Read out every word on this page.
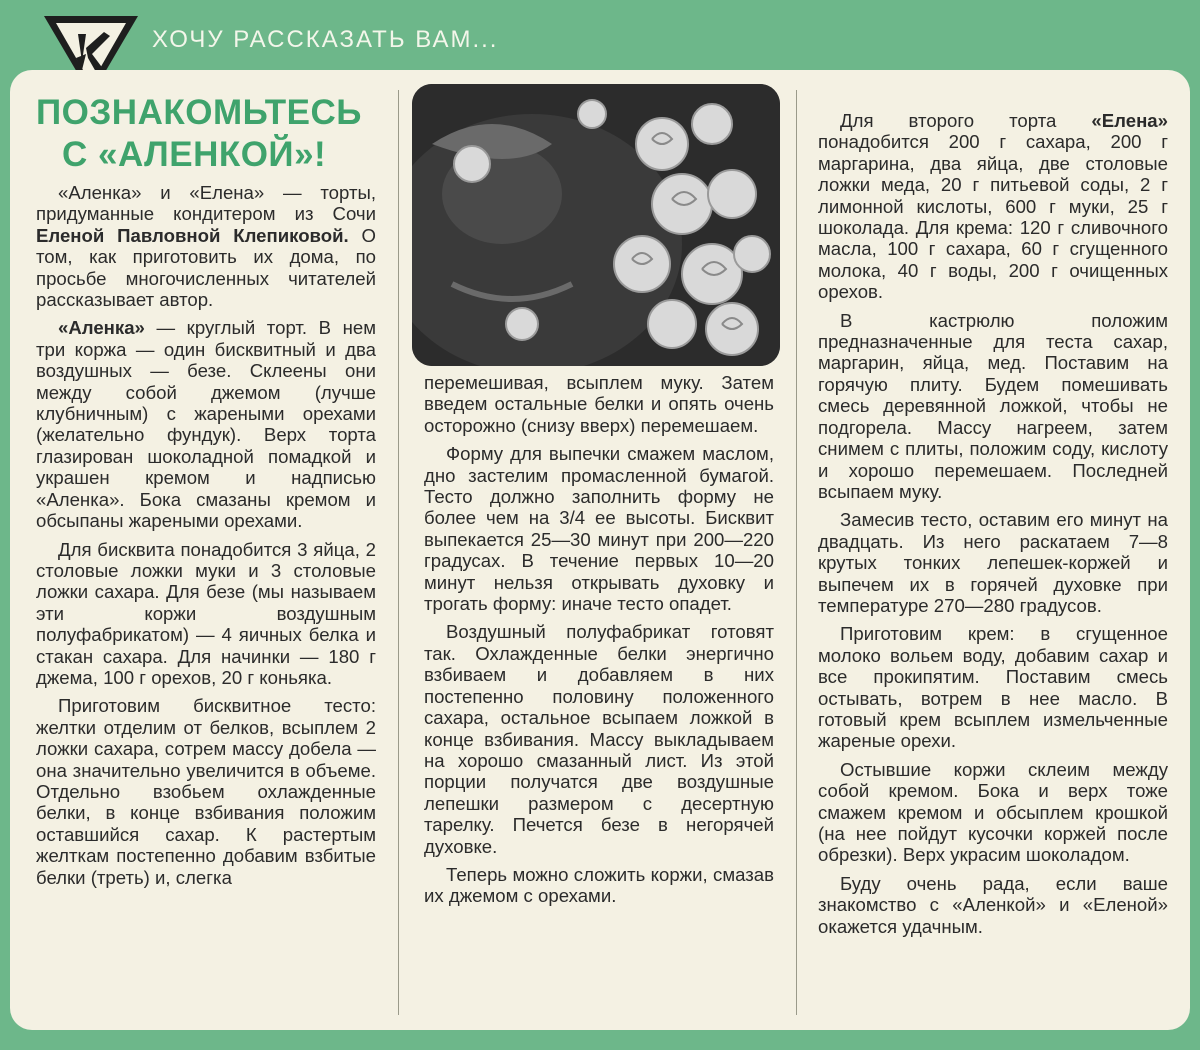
ХОЧУ РАССКАЗАТЬ ВАМ...
ПОЗНАКОМЬТЕСЬ
С «АЛЕНКОЙ»!

«Аленка» и «Елена» — торты, придуманные кондитером из Сочи Еленой Павловной Клепиковой. О том, как приготовить их дома, по просьбе многочисленных читателей рассказывает автор.

«Аленка» — круглый торт. В нем три коржа — один бисквитный и два воздушных — безе. Склеены они между собой джемом (лучше клубничным) с жареными орехами (желательно фундук). Верх торта глазирован шоколадной помадкой и украшен кремом и надписью «Аленка». Бока смазаны кремом и обсыпаны жареными орехами.

Для бисквита понадобится 3 яйца, 2 столовые ложки муки и 3 столовые ложки сахара. Для безе (мы называем эти коржи воздушным полуфабрикатом) — 4 яичных белка и стакан сахара. Для начинки — 180 г джема, 100 г орехов, 20 г коньяка.

Приготовим бисквитное тесто: желтки отделим от белков, всыплем 2 ложки сахара, сотрем массу добела — она значительно увеличится в объеме. Отдельно взобьем охлажденные белки, в конце взбивания положим оставшийся сахар. К растертым желткам постепенно добавим взбитые белки (треть) и, слегка

перемешивая, всыплем муку. Затем введем остальные белки и опять очень осторожно (снизу вверх) перемешаем.

Форму для выпечки смажем маслом, дно застелим промасленной бумагой. Тесто должно заполнить форму не более чем на 3/4 ее высоты. Бисквит выпекается 25—30 минут при 200—220 градусах. В течение первых 10—20 минут нельзя открывать духовку и трогать форму: иначе тесто опадет.

Воздушный полуфабрикат готовят так. Охлажденные белки энергично взбиваем и добавляем в них постепенно половину положенного сахара, остальное всыпаем ложкой в конце взбивания. Массу выкладываем на хорошо смазанный лист. Из этой порции получатся две воздушные лепешки размером с десертную тарелку. Печется безе в негорячей духовке.

Теперь можно сложить коржи, смазав их джемом с орехами.

Для второго торта «Елена» понадобится 200 г сахара, 200 г маргарина, два яйца, две столовые ложки меда, 20 г питьевой соды, 2 г лимонной кислоты, 600 г муки, 25 г шоколада. Для крема: 120 г сливочного масла, 100 г сахара, 60 г сгущенного молока, 40 г воды, 200 г очищенных орехов.

В кастрюлю положим предназначенные для теста сахар, маргарин, яйца, мед. Поставим на горячую плиту. Будем помешивать смесь деревянной ложкой, чтобы не подгорела. Массу нагреем, затем снимем с плиты, положим соду, кислоту и хорошо перемешаем. Последней всыпаем муку.

Замесив тесто, оставим его минут на двадцать. Из него раскатаем 7—8 крутых тонких лепешек-коржей и выпечем их в горячей духовке при температуре 270—280 градусов.

Приготовим крем: в сгущенное молоко вольем воду, добавим сахар и все прокипятим. Поставим смесь остывать, вотрем в нее масло. В готовый крем всыплем измельченные жареные орехи.

Остывшие коржи склеим между собой кремом. Бока и верх тоже смажем кремом и обсыплем крошкой (на нее пойдут кусочки коржей после обрезки). Верх украсим шоколадом.

Буду очень рада, если ваше знакомство с «Аленкой» и «Еленой» окажется удачным.
